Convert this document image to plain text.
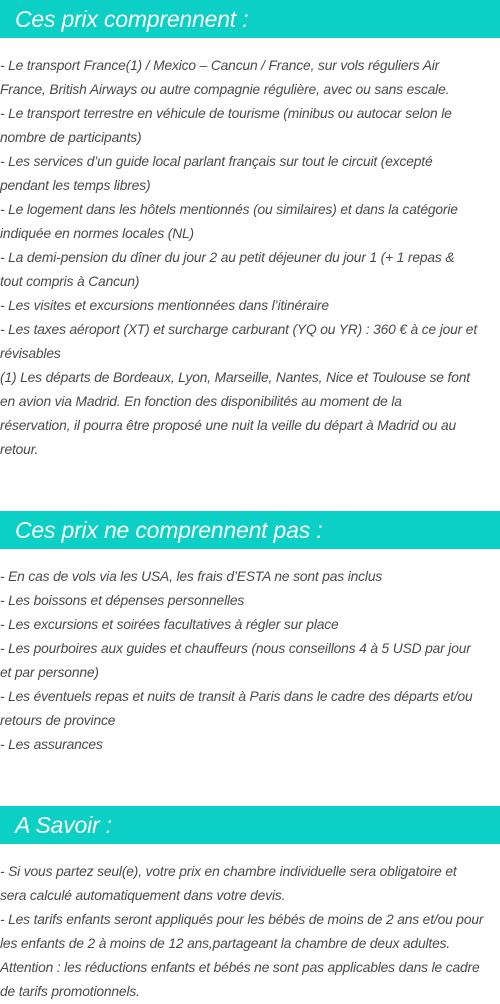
Ces prix comprennent :
- Le transport France(1) / Mexico – Cancun / France, sur vols réguliers Air
France, British Airways ou autre compagnie régulière, avec ou sans escale.
- Le transport terrestre en véhicule de tourisme (minibus ou autocar selon le
nombre de participants)
- Les services d’un guide local parlant français sur tout le circuit (excepté
pendant les temps libres)
- Le logement dans les hôtels mentionnés (ou similaires) et dans la catégorie
indiquée en normes locales (NL)
- La demi-pension du dîner du jour 2 au petit déjeuner du jour 1 (+ 1 repas &
tout compris à Cancun)
- Les visites et excursions mentionnées dans l’itinéraire
- Les taxes aéroport (XT) et surcharge carburant (YQ ou YR) : 360 € à ce jour et
révisables
(1) Les départs de Bordeaux, Lyon, Marseille, Nantes, Nice et Toulouse se font
en avion via Madrid. En fonction des disponibilités au moment de la
réservation, il pourra être proposé une nuit la veille du départ à Madrid ou au
retour.
Ces prix ne comprennent pas :
- En cas de vols via les USA, les frais d’ESTA ne sont pas inclus
- Les boissons et dépenses personnelles
- Les excursions et soirées facultatives à régler sur place
- Les pourboires aux guides et chauffeurs (nous conseillons 4 à 5 USD par jour
et par personne)
- Les éventuels repas et nuits de transit à Paris dans le cadre des départs et/ou
retours de province
- Les assurances
A Savoir :
- Si vous partez seul(e), votre prix en chambre individuelle sera obligatoire et
sera calculé automatiquement dans votre devis.
- Les tarifs enfants seront appliqués pour les bébés de moins de 2 ans et/ou pour
les enfants de 2 à moins de 12 ans,partageant la chambre de deux adultes.
Attention : les réductions enfants et bébés ne sont pas applicables dans le cadre
de tarifs promotionnels.
